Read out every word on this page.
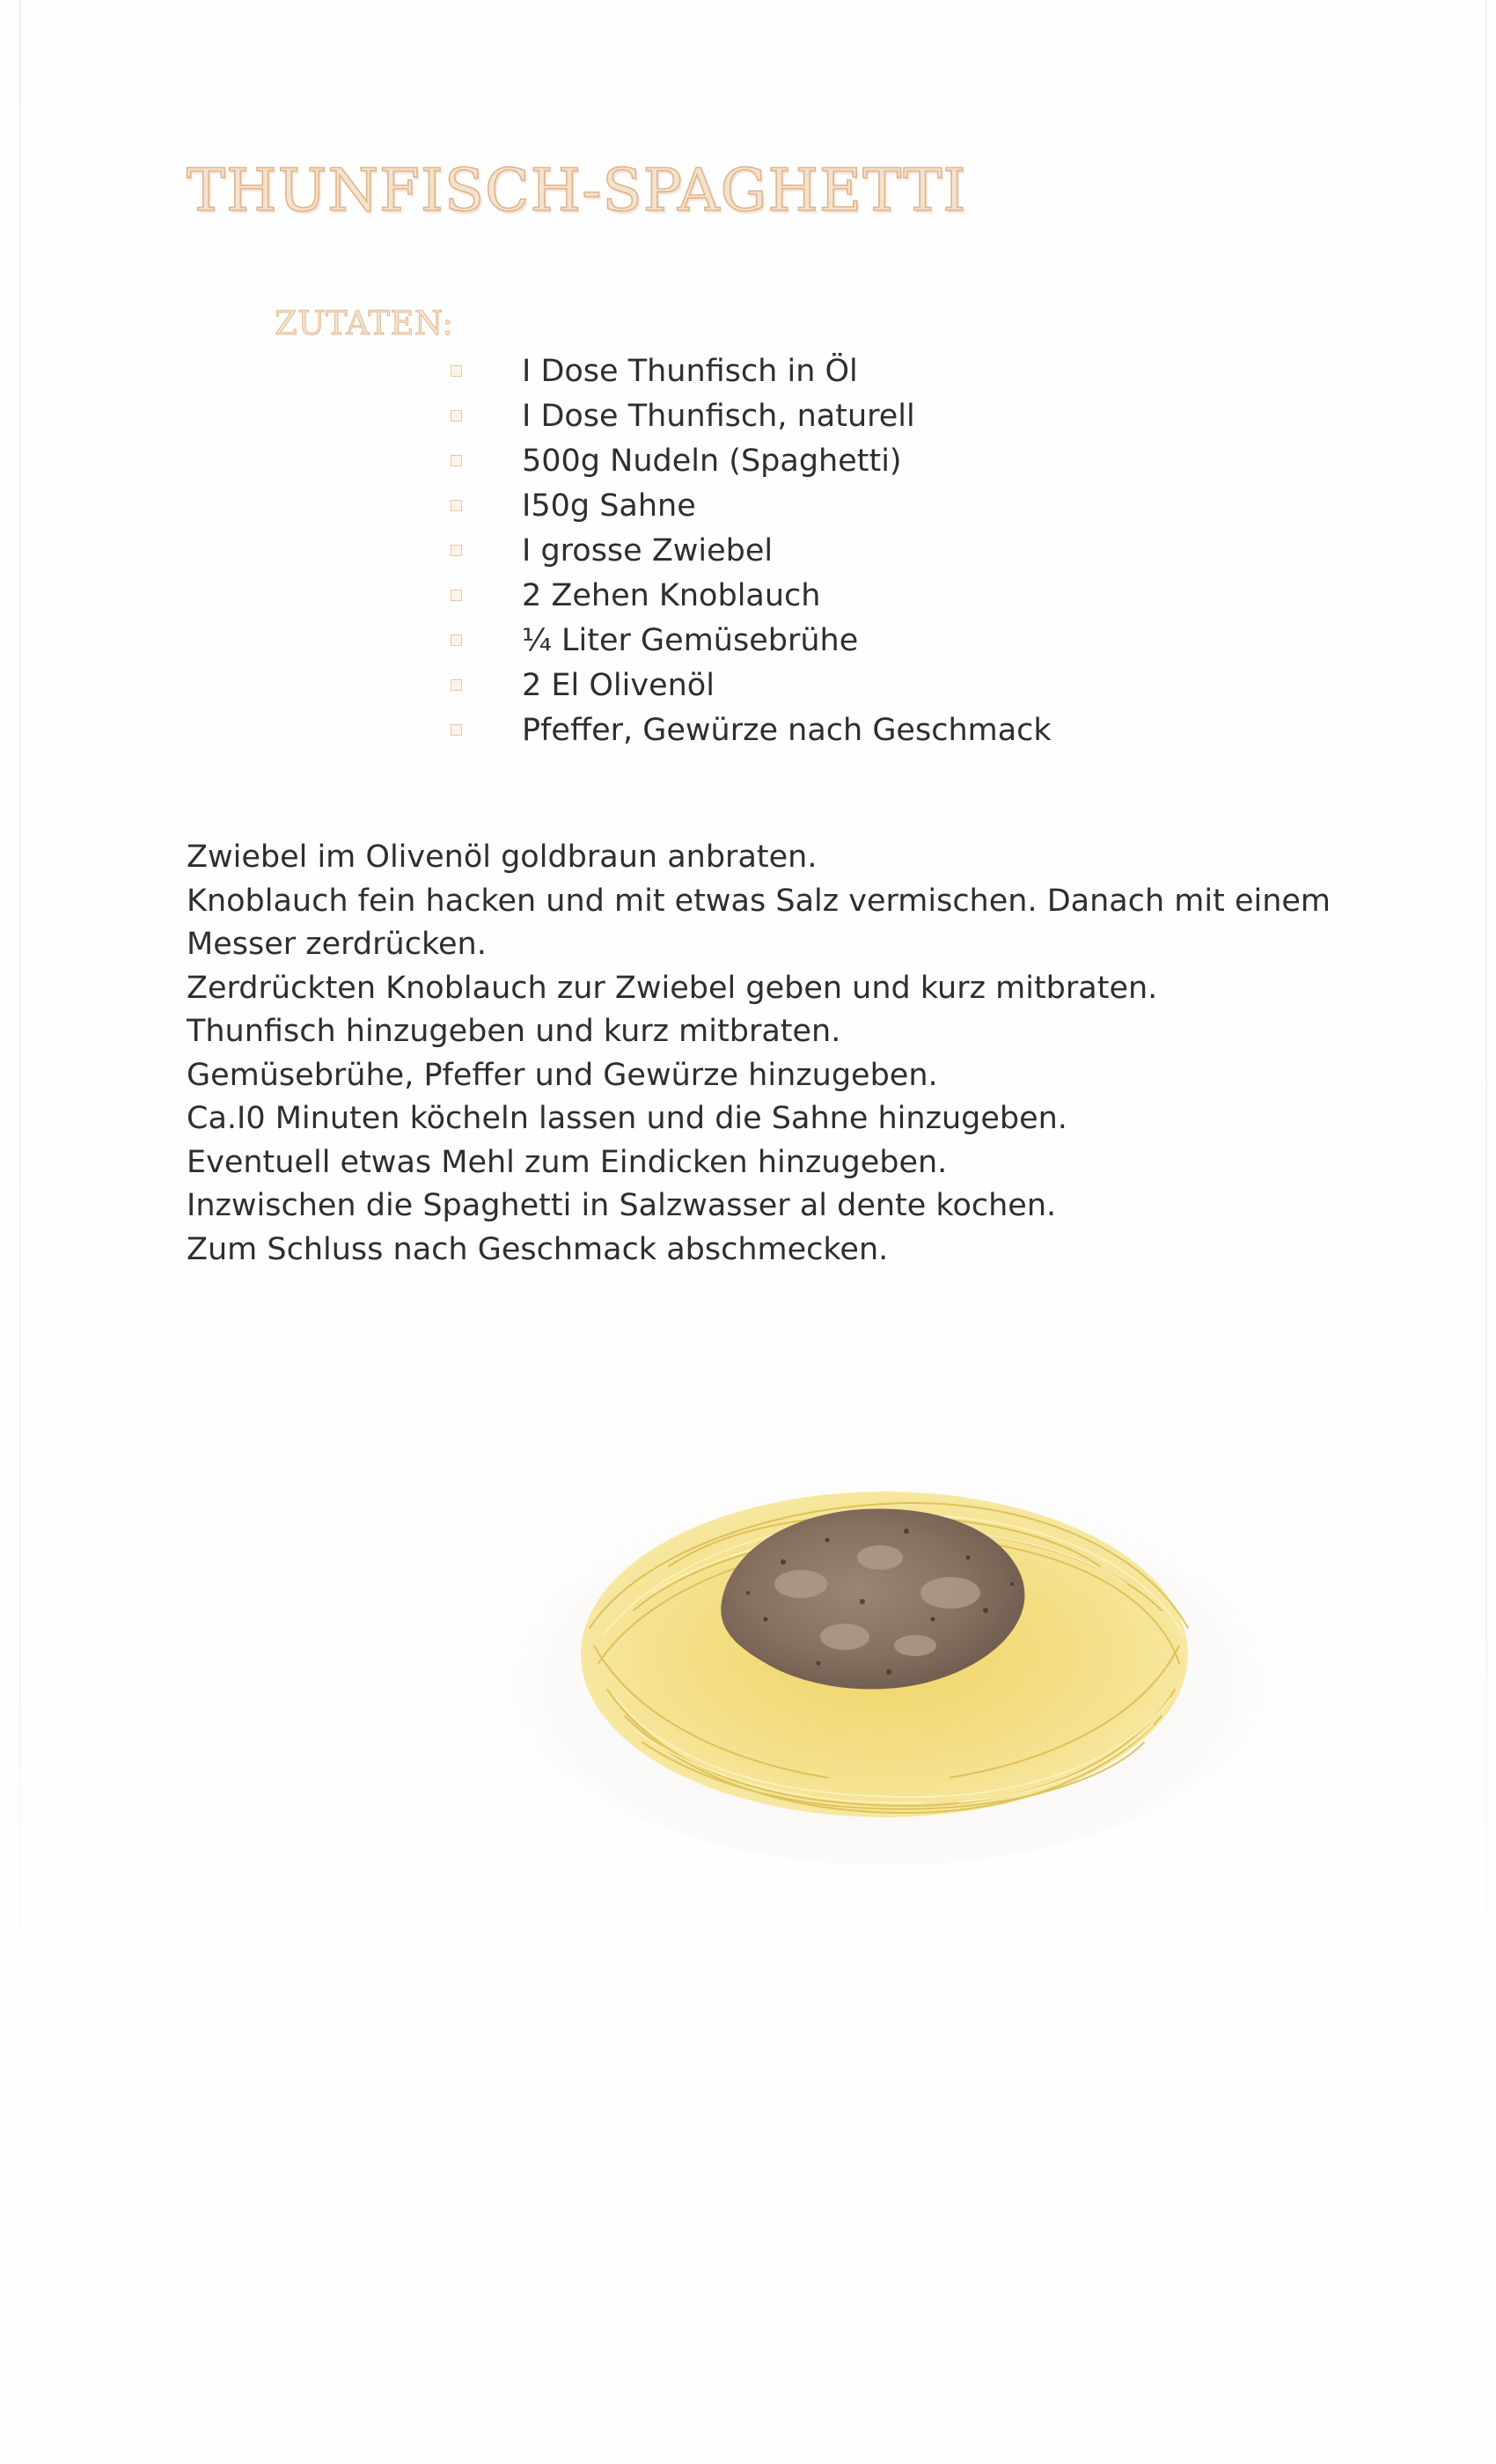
THUNFISCH-SPAGHETTI
ZUTATEN:
I Dose Thunfisch in Öl
I Dose Thunfisch, naturell
500g Nudeln (Spaghetti)
I50g Sahne
I grosse Zwiebel
2 Zehen Knoblauch
¼ Liter Gemüsebrühe
2 El Olivenöl
Pfeffer, Gewürze nach Geschmack
Zwiebel im Olivenöl goldbraun anbraten.
Knoblauch fein hacken und mit etwas Salz vermischen. Danach mit einem
Messer zerdrücken.
Zerdrückten Knoblauch zur Zwiebel geben und kurz mitbraten.
Thunfisch hinzugeben und kurz mitbraten.
Gemüsebrühe, Pfeffer und Gewürze hinzugeben.
Ca.I0 Minuten köcheln lassen und die Sahne hinzugeben.
Eventuell etwas Mehl zum Eindicken hinzugeben.
Inzwischen die Spaghetti in Salzwasser al dente kochen.
Zum Schluss nach Geschmack abschmecken.
